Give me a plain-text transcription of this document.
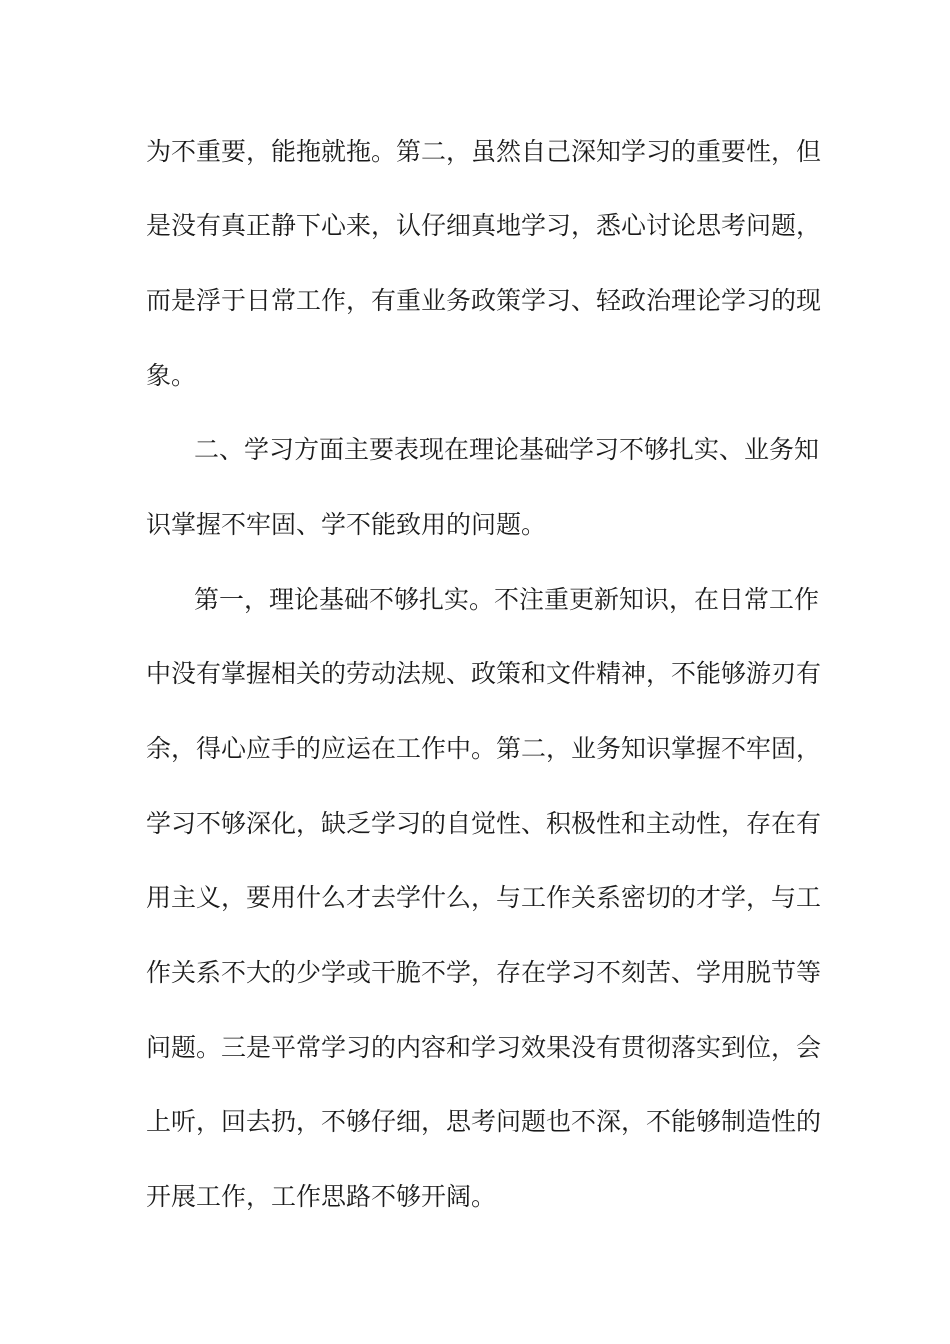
为不重要，能拖就拖。第二，虽然自己深知学习的重要性，但
是没有真正静下心来，认仔细真地学习，悉心讨论思考问题，
而是浮于日常工作，有重业务政策学习、轻政治理论学习的现
象。
二、学习方面主要表现在理论基础学习不够扎实、业务知
识掌握不牢固、学不能致用的问题。
第一，理论基础不够扎实。不注重更新知识，在日常工作
中没有掌握相关的劳动法规、政策和文件精神，不能够游刃有
余，得心应手的应运在工作中。第二，业务知识掌握不牢固，
学习不够深化，缺乏学习的自觉性、积极性和主动性，存在有
用主义，要用什么才去学什么，与工作关系密切的才学，与工
作关系不大的少学或干脆不学，存在学习不刻苦、学用脱节等
问题。三是平常学习的内容和学习效果没有贯彻落实到位，会
上听，回去扔，不够仔细，思考问题也不深，不能够制造性的
开展工作，工作思路不够开阔。
